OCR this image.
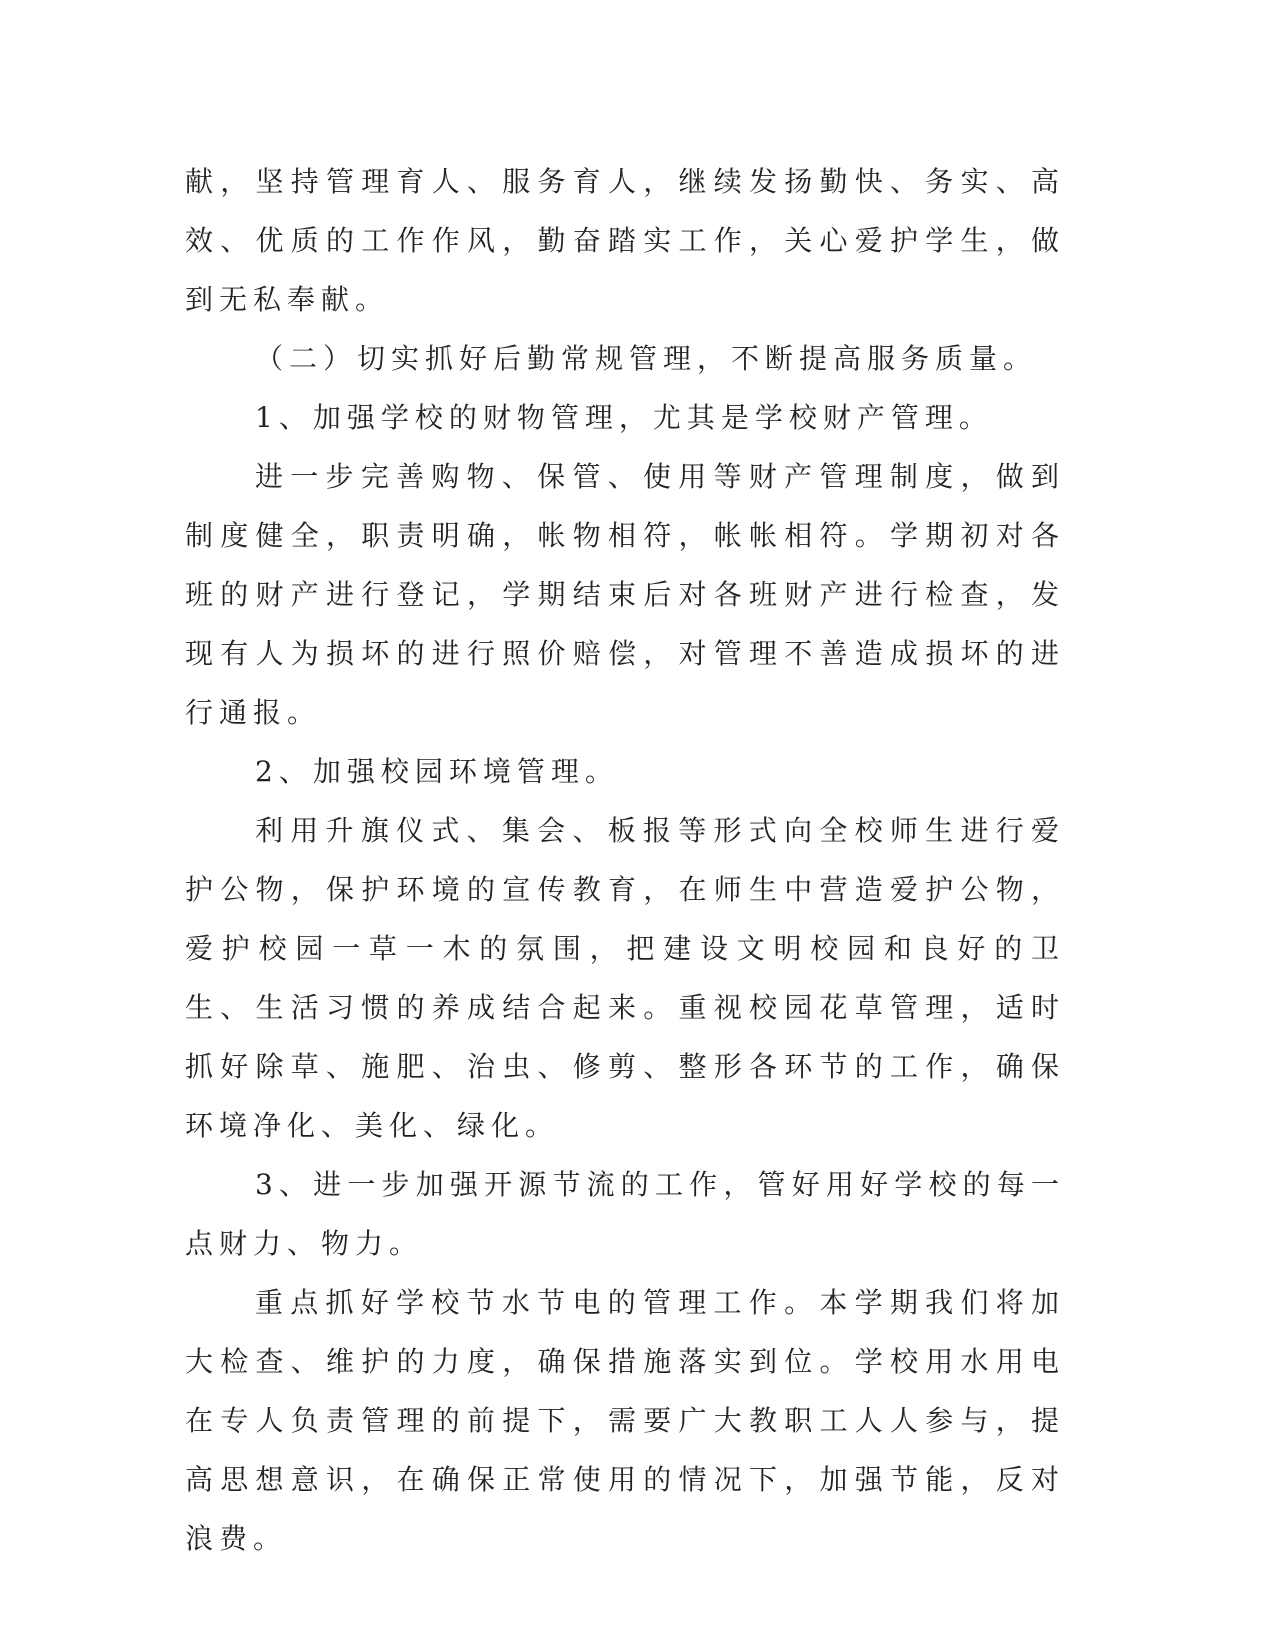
献，坚持管理育人、服务育人，继续发扬勤快、务实、高效、优质的工作作风，勤奋踏实工作，关心爱护学生，做到无私奉献。

（二）切实抓好后勤常规管理，不断提高服务质量。

1、加强学校的财物管理，尤其是学校财产管理。

进一步完善购物、保管、使用等财产管理制度，做到制度健全，职责明确，帐物相符，帐帐相符。学期初对各班的财产进行登记，学期结束后对各班财产进行检查，发现有人为损坏的进行照价赔偿，对管理不善造成损坏的进行通报。

2、加强校园环境管理。

利用升旗仪式、集会、板报等形式向全校师生进行爱护公物，保护环境的宣传教育，在师生中营造爱护公物，爱护校园一草一木的氛围，把建设文明校园和良好的卫生、生活习惯的养成结合起来。重视校园花草管理，适时抓好除草、施肥、治虫、修剪、整形各环节的工作，确保环境净化、美化、绿化。

3、进一步加强开源节流的工作，管好用好学校的每一点财力、物力。

重点抓好学校节水节电的管理工作。本学期我们将加大检查、维护的力度，确保措施落实到位。学校用水用电在专人负责管理的前提下，需要广大教职工人人参与，提高思想意识，在确保正常使用的情况下，加强节能，反对浪费。
